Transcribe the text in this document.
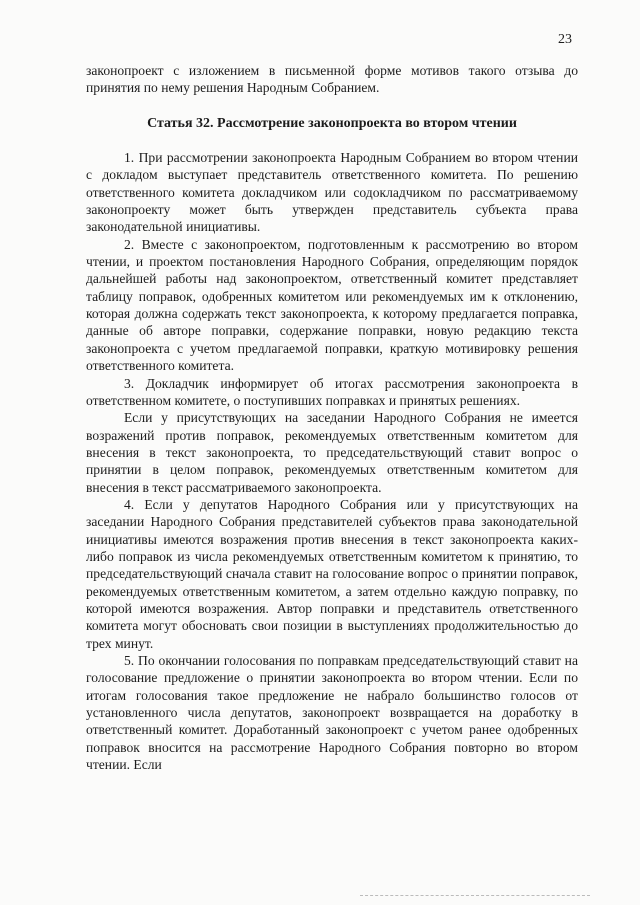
23

законопроект с изложением в письменной форме мотивов такого отзыва до принятия по нему решения Народным Собранием.

Статья 32. Рассмотрение законопроекта во втором чтении

1. При рассмотрении законопроекта Народным Собранием во втором чтении с докладом выступает представитель ответственного комитета. По решению ответственного комитета докладчиком или содокладчиком по рассматриваемому законопроекту может быть утвержден представитель субъекта права законодательной инициативы.

2. Вместе с законопроектом, подготовленным к рассмотрению во втором чтении, и проектом постановления Народного Собрания, определяющим порядок дальнейшей работы над законопроектом, ответственный комитет представляет таблицу поправок, одобренных комитетом или рекомендуемых им к отклонению, которая должна содержать текст законопроекта, к которому предлагается поправка, данные об авторе поправки, содержание поправки, новую редакцию текста законопроекта с учетом предлагаемой поправки, краткую мотивировку решения ответственного комитета.

3. Докладчик информирует об итогах рассмотрения законопроекта в ответственном комитете, о поступивших поправках и принятых решениях.

Если у присутствующих на заседании Народного Собрания не имеется возражений против поправок, рекомендуемых ответственным комитетом для внесения в текст законопроекта, то председательствующий ставит вопрос о принятии в целом поправок, рекомендуемых ответственным комитетом для внесения в текст рассматриваемого законопроекта.

4. Если у депутатов Народного Собрания или у присутствующих на заседании Народного Собрания представителей субъектов права законодательной инициативы имеются возражения против внесения в текст законопроекта каких-либо поправок из числа рекомендуемых ответственным комитетом к принятию, то председательствующий сначала ставит на голосование вопрос о принятии поправок, рекомендуемых ответственным комитетом, а затем отдельно каждую поправку, по которой имеются возражения. Автор поправки и представитель ответственного комитета могут обосновать свои позиции в выступлениях продолжительностью до трех минут.

5. По окончании голосования по поправкам председательствующий ставит на голосование предложение о принятии законопроекта во втором чтении. Если по итогам голосования такое предложение не набрало большинство голосов от установленного числа депутатов, законопроект возвращается на доработку в ответственный комитет. Доработанный законопроект с учетом ранее одобренных поправок вносится на рассмотрение Народного Собрания повторно во втором чтении. Если
